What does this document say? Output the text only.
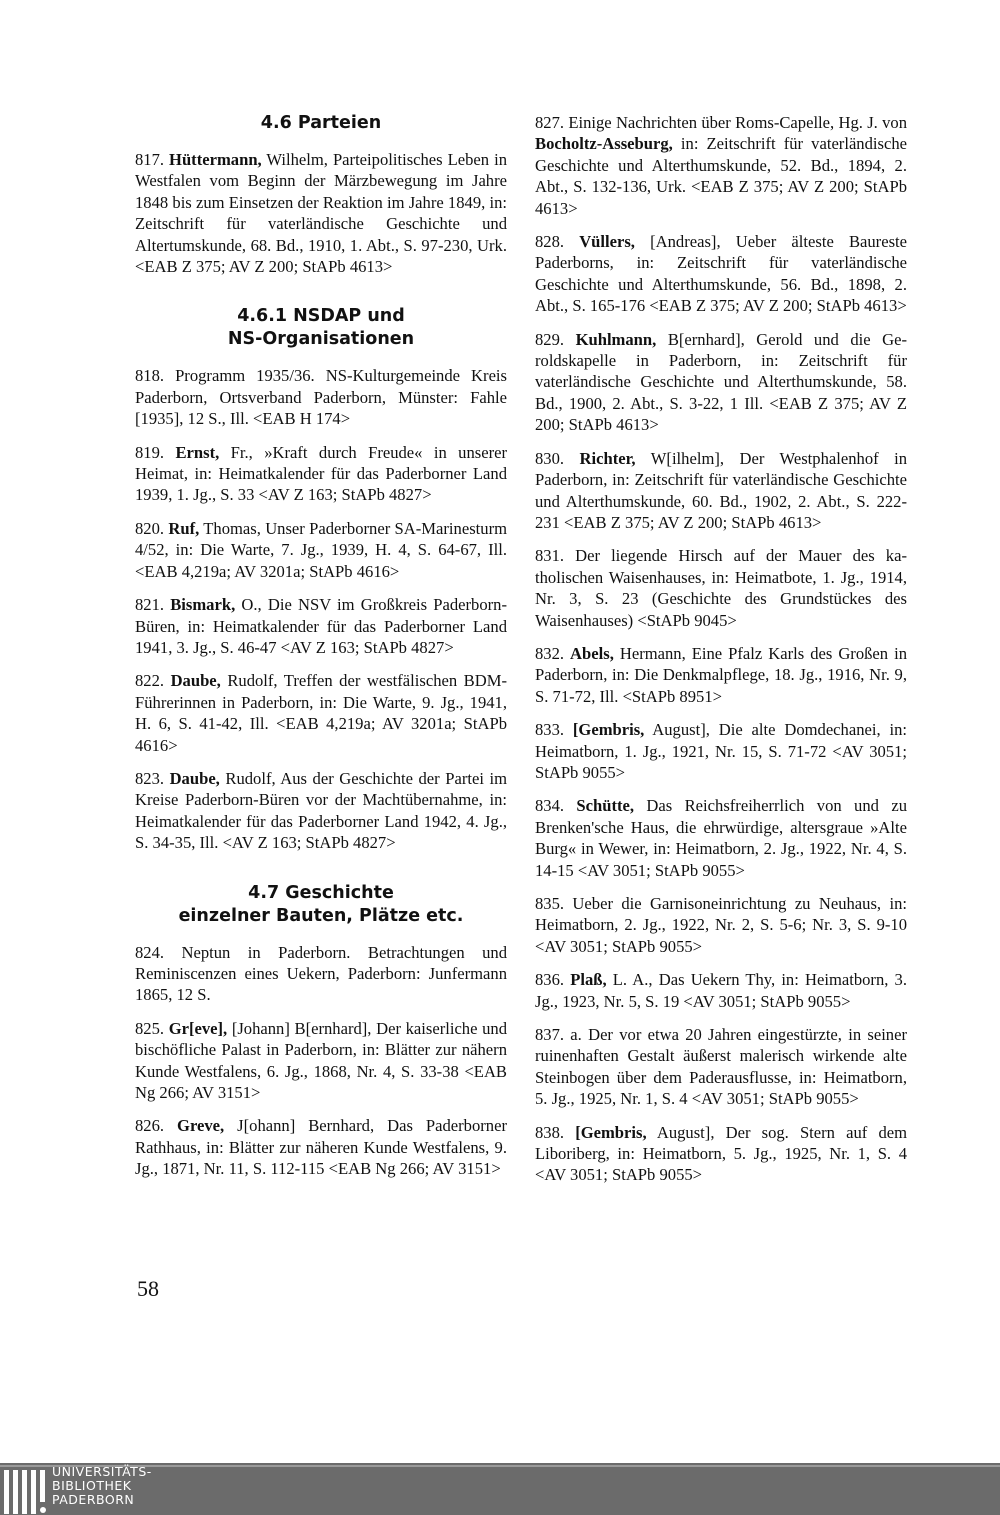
4.6 Parteien

817. Hüttermann, Wilhelm, Parteipolitisches Leben in Westfalen vom Beginn der Märzbewegung im Jahre 1848 bis zum Einsetzen der Reaktion im Jahre 1849, in: Zeitschrift für vaterländische Geschichte und Altertumskunde, 68. Bd., 1910, 1. Abt., S. 97-230, Urk. <EAB Z 375; AV Z 200; StAPb 4613>

4.6.1 NSDAP und
NS-Organisationen

818. Programm 1935/36. NS-Kulturgemeinde Kreis Paderborn, Ortsverband Paderborn, Münster: Fahle [1935], 12 S., Ill. <EAB H 174>

819. Ernst, Fr., »Kraft durch Freude« in unserer Heimat, in: Heimatkalender für das Paderborner Land 1939, 1. Jg., S. 33 <AV Z 163; StAPb 4827>

820. Ruf, Thomas, Unser Paderborner SA-Marinesturm 4/52, in: Die Warte, 7. Jg., 1939, H. 4, S. 64-67, Ill. <EAB 4,219a; AV 3201a; StAPb 4616>

821. Bismark, O., Die NSV im Großkreis Paderborn-Büren, in: Heimatkalender für das Paderborner Land 1941, 3. Jg., S. 46-47 <AV Z 163; StAPb 4827>

822. Daube, Rudolf, Treffen der westfälischen BDM-Führerinnen in Paderborn, in: Die Warte, 9. Jg., 1941, H. 6, S. 41-42, Ill. <EAB 4,219a; AV 3201a; StAPb 4616>

823. Daube, Rudolf, Aus der Geschichte der Partei im Kreise Paderborn-Büren vor der Machtübernahme, in: Heimatkalender für das Paderborner Land 1942, 4. Jg., S. 34-35, Ill. <AV Z 163; StAPb 4827>

4.7 Geschichte
einzelner Bauten, Plätze etc.

824. Neptun in Paderborn. Betrachtungen und Reminiscenzen eines Uekern, Paderborn: Junfermann 1865, 12 S.

825. Gr[eve], [Johann] B[ernhard], Der kaiserliche und bischöfliche Palast in Paderborn, in: Blätter zur nähern Kunde Westfalens, 6. Jg., 1868, Nr. 4, S. 33-38 <EAB Ng 266; AV 3151>

826. Greve, J[ohann] Bernhard, Das Paderborner Rathhaus, in: Blätter zur näheren Kunde Westfalens, 9. Jg., 1871, Nr. 11, S. 112-115 <EAB Ng 266; AV 3151>

827. Einige Nachrichten über Roms-Capelle, Hg. J. von Bocholtz-Asseburg, in: Zeitschrift für vaterländische Geschichte und Alterthumskunde, 52. Bd., 1894, 2. Abt., S. 132-136, Urk. <EAB Z 375; AV Z 200; StAPb 4613>

828. Vüllers, [Andreas], Ueber älteste Baureste Paderborns, in: Zeitschrift für vaterländische Geschichte und Alterthumskunde, 56. Bd., 1898, 2. Abt., S. 165-176 <EAB Z 375; AV Z 200; StAPb 4613>

829. Kuhlmann, B[ernhard], Gerold und die Geroldskapelle in Paderborn, in: Zeitschrift für vaterländische Geschichte und Alterthumskunde, 58. Bd., 1900, 2. Abt., S. 3-22, 1 Ill. <EAB Z 375; AV Z 200; StAPb 4613>

830. Richter, W[ilhelm], Der Westphalenhof in Paderborn, in: Zeitschrift für vaterländische Geschichte und Alterthumskunde, 60. Bd., 1902, 2. Abt., S. 222-231 <EAB Z 375; AV Z 200; StAPb 4613>

831. Der liegende Hirsch auf der Mauer des katholischen Waisenhauses, in: Heimatbote, 1. Jg., 1914, Nr. 3, S. 23 (Geschichte des Grundstückes des Waisenhauses) <StAPb 9045>

832. Abels, Hermann, Eine Pfalz Karls des Großen in Paderborn, in: Die Denkmalpflege, 18. Jg., 1916, Nr. 9, S. 71-72, Ill. <StAPb 8951>

833. [Gembris, August], Die alte Domdechanei, in: Heimatborn, 1. Jg., 1921, Nr. 15, S. 71-72 <AV 3051; StAPb 9055>

834. Schütte, Das Reichsfreiherrlich von und zu Brenken'sche Haus, die ehrwürdige, altersgraue »Alte Burg« in Wewer, in: Heimatborn, 2. Jg., 1922, Nr. 4, S. 14-15 <AV 3051; StAPb 9055>

835. Ueber die Garnisoneinrichtung zu Neuhaus, in: Heimatborn, 2. Jg., 1922, Nr. 2, S. 5-6; Nr. 3, S. 9-10 <AV 3051; StAPb 9055>

836. Plaß, L. A., Das Uekern Thy, in: Heimatborn, 3. Jg., 1923, Nr. 5, S. 19 <AV 3051; StAPb 9055>

837. a. Der vor etwa 20 Jahren eingestürzte, in seiner ruinenhaften Gestalt äußerst malerisch wirkende alte Steinbogen über dem Paderausflusse, in: Heimatborn, 5. Jg., 1925, Nr. 1, S. 4 <AV 3051; StAPb 9055>

838. [Gembris, August], Der sog. Stern auf dem Liboriberg, in: Heimatborn, 5. Jg., 1925, Nr. 1, S. 4 <AV 3051; StAPb 9055>

58
UNIVERSITÄTS-
BIBLIOTHEK
PADERBORN
